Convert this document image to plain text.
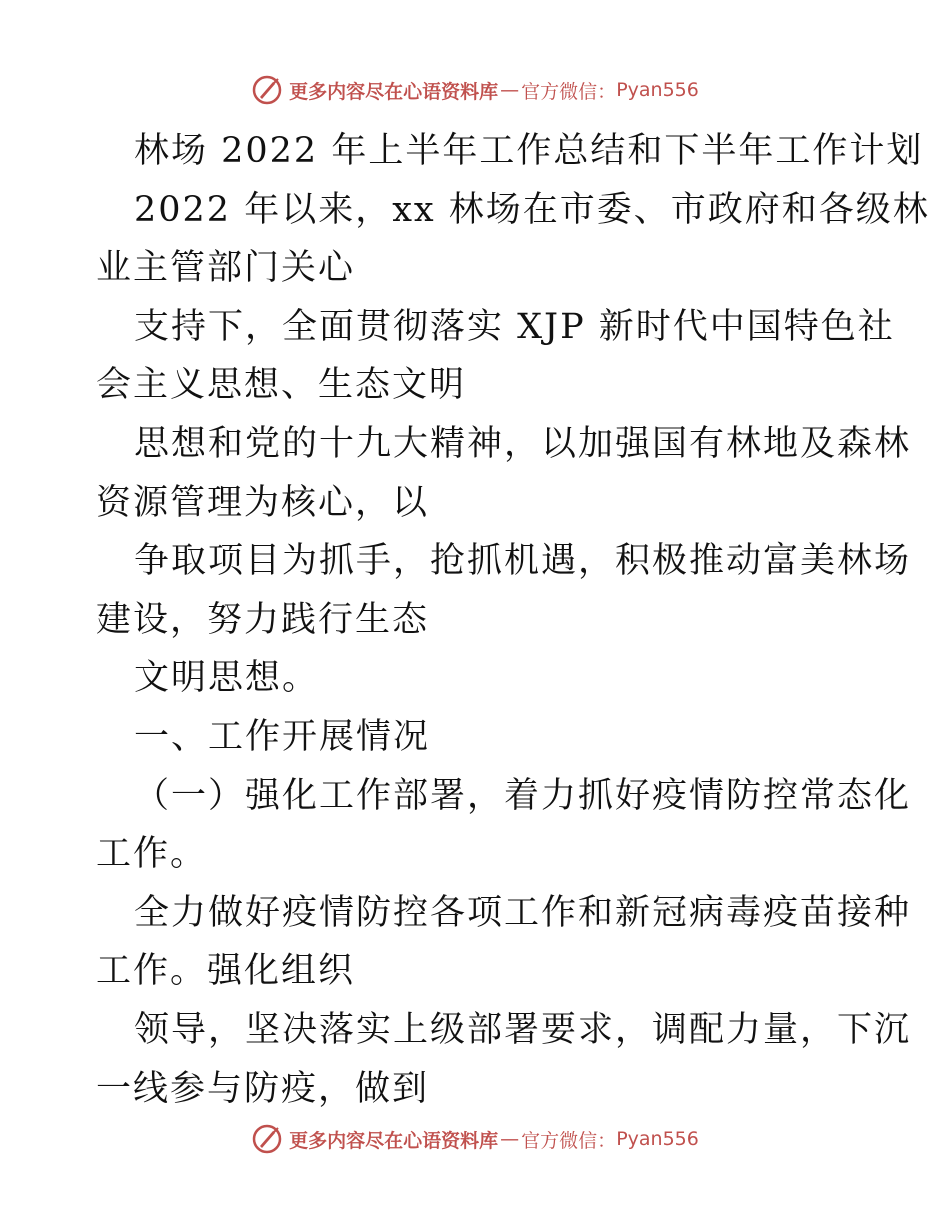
更多内容尽在心语资料库 — 官方微信： Pyan556
林场 2022 年上半年工作总结和下半年工作计划
2022 年以来，xx 林场在市委、市政府和各级林
业主管部门关心
支持下，全面贯彻落实 XJP 新时代中国特色社
会主义思想、生态文明
思想和党的十九大精神，以加强国有林地及森林
资源管理为核心，以
争取项目为抓手，抢抓机遇，积极推动富美林场
建设，努力践行生态
文明思想。
一、工作开展情况
（一）强化工作部署，着力抓好疫情防控常态化
工作。
全力做好疫情防控各项工作和新冠病毒疫苗接种
工作。强化组织
领导，坚决落实上级部署要求，调配力量，下沉
一线参与防疫，做到
更多内容尽在心语资料库 — 官方微信： Pyan556
